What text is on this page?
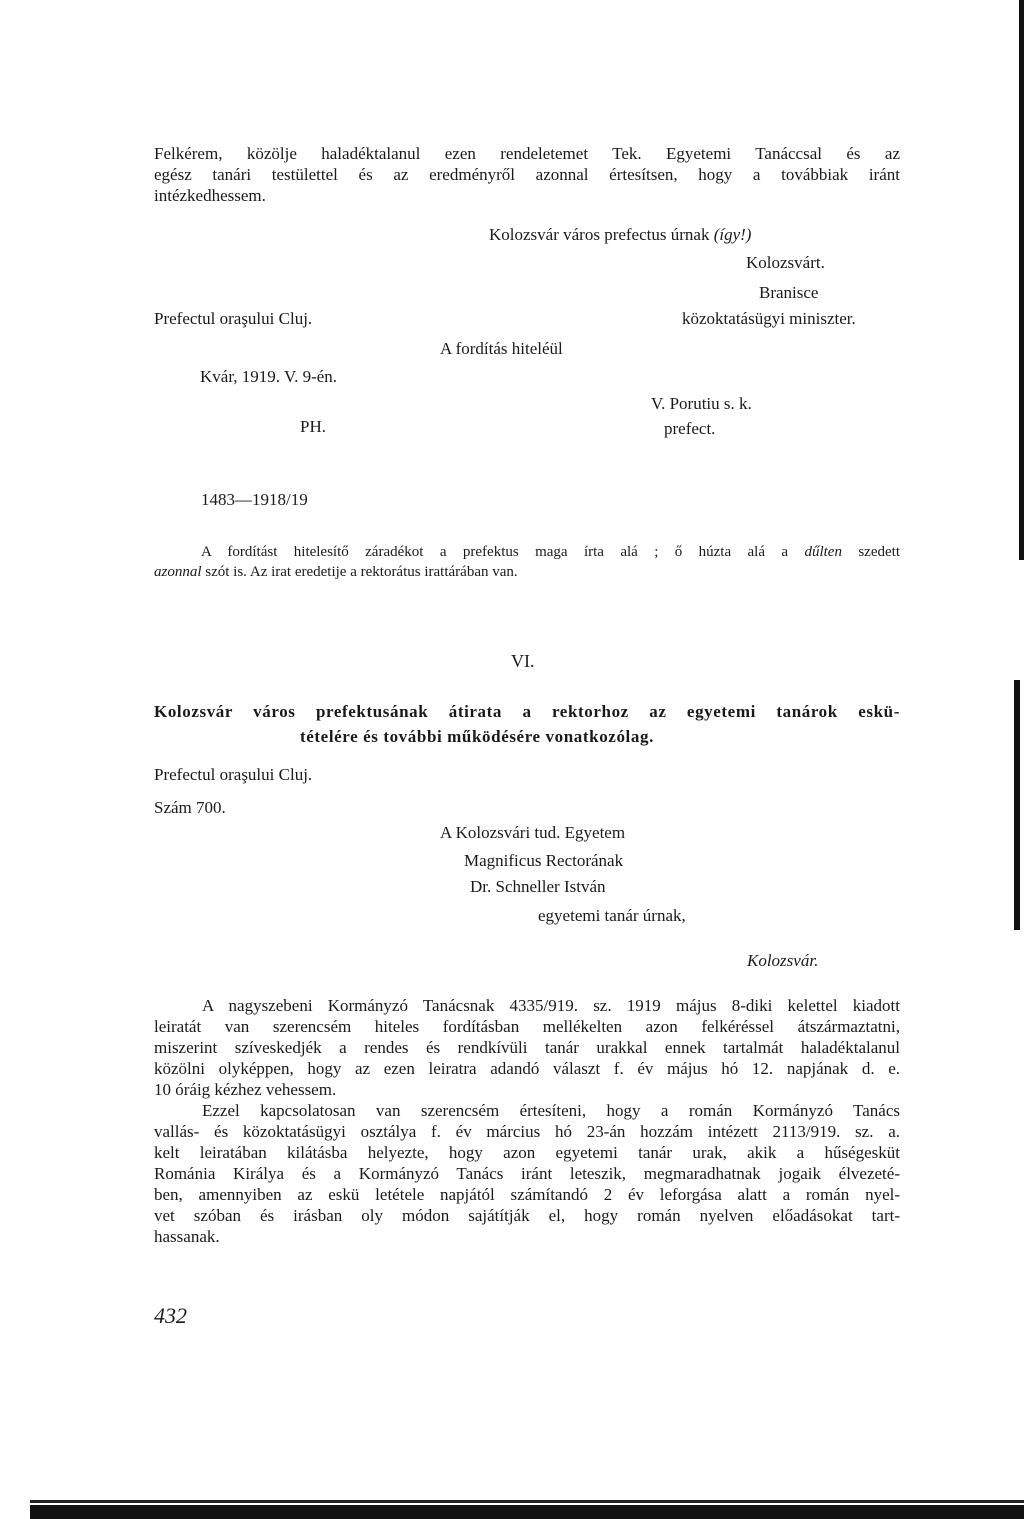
Felkérem, közölje haladéktalanul ezen rendeletemet Tek. Egyetemi Tanáccsal és az
egész tanári testülettel és az eredményről azonnal értesítsen, hogy a továbbiak iránt
intézkedhessem.
Kolozsvár város prefectus úrnak (így!)
Kolozsvárt.
Branisce
Prefectul oraşului Cluj.	közoktatásügyi miniszter.
A fordítás hiteléül
Kvár, 1919. V. 9-én.
V. Porutiu s. k.
PH.	prefect.
1483—1918/19
A fordítást hitelesítő záradékot a prefektus maga írta alá ; ő húzta alá a dűlten szedett
azonnal szót is. Az irat eredetije a rektorátus irattárában van.
VI.
Kolozsvár város prefektusának átirata a rektorhoz az egyetemi tanárok eskü-
tételére és további működésére vonatkozólag.
Prefectul oraşului Cluj.
Szám 700.
A Kolozsvári tud. Egyetem
Magnificus Rectorának
Dr. Schneller István
egyetemi tanár úrnak,
Kolozsvár.
A nagyszebeni Kormányzó Tanácsnak 4335/919. sz. 1919 május 8-diki kelettel kiadott
leiratát van szerencsém hiteles fordításban mellékelten azon felkéréssel átszármaztatni,
miszerint szíveskedjék a rendes és rendkívüli tanár urakkal ennek tartalmát haladéktalanul
közölni olyképpen, hogy az ezen leiratra adandó választ f. év május hó 12. napjának d. e.
10 óráig kézhez vehessem.
Ezzel kapcsolatosan van szerencsém értesíteni, hogy a román Kormányzó Tanács
vallás- és közoktatásügyi osztálya f. év március hó 23-án hozzám intézett 2113/919. sz. a.
kelt leiratában kilátásba helyezte, hogy azon egyetemi tanár urak, akik a hűségesküt
Románia Királya és a Kormányzó Tanács iránt leteszik, megmaradhatnak jogaik élvezeté-
ben, amennyiben az eskü letétele napjától számítandó 2 év leforgása alatt a román nyel-
vet szóban és irásban oly módon sajátítják el, hogy román nyelven előadásokat tart-
hassanak.
432
